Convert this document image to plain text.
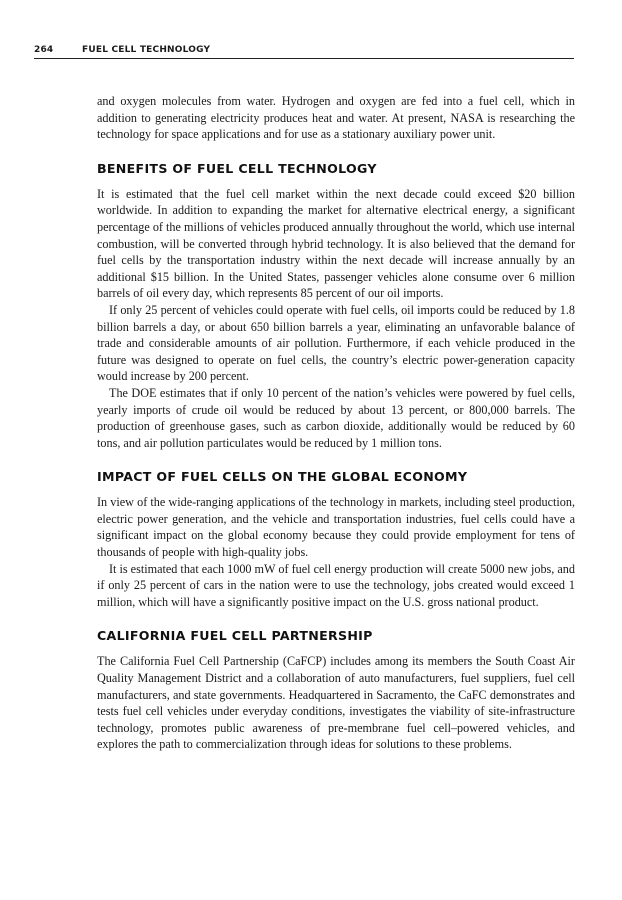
264	FUEL CELL TECHNOLOGY

and oxygen molecules from water. Hydrogen and oxygen are fed into a fuel cell, which in addition to generating electricity produces heat and water. At present, NASA is researching the technology for space applications and for use as a stationary auxiliary power unit.

BENEFITS OF FUEL CELL TECHNOLOGY

It is estimated that the fuel cell market within the next decade could exceed $20 billion worldwide. In addition to expanding the market for alternative electrical energy, a significant percentage of the millions of vehicles produced annually throughout the world, which use internal combustion, will be converted through hybrid technology. It is also believed that the demand for fuel cells by the transportation industry within the next decade will increase annually by an additional $15 billion. In the United States, passenger vehicles alone consume over 6 million barrels of oil every day, which represents 85 percent of our oil imports.

If only 25 percent of vehicles could operate with fuel cells, oil imports could be reduced by 1.8 billion barrels a day, or about 650 billion barrels a year, eliminating an unfavorable balance of trade and considerable amounts of air pollution. Furthermore, if each vehicle produced in the future was designed to operate on fuel cells, the country’s electric power-generation capacity would increase by 200 percent.

The DOE estimates that if only 10 percent of the nation’s vehicles were powered by fuel cells, yearly imports of crude oil would be reduced by about 13 percent, or 800,000 barrels. The production of greenhouse gases, such as carbon dioxide, additionally would be reduced by 60 tons, and air pollution particulates would be reduced by 1 million tons.

IMPACT OF FUEL CELLS ON THE GLOBAL ECONOMY

In view of the wide-ranging applications of the technology in markets, including steel production, electric power generation, and the vehicle and transportation industries, fuel cells could have a significant impact on the global economy because they could provide employment for tens of thousands of people with high-quality jobs.

It is estimated that each 1000 mW of fuel cell energy production will create 5000 new jobs, and if only 25 percent of cars in the nation were to use the technology, jobs created would exceed 1 million, which will have a significantly positive impact on the U.S. gross national product.

CALIFORNIA FUEL CELL PARTNERSHIP

The California Fuel Cell Partnership (CaFCP) includes among its members the South Coast Air Quality Management District and a collaboration of auto manufacturers, fuel suppliers, fuel cell manufacturers, and state governments. Headquartered in Sacramento, the CaFC demonstrates and tests fuel cell vehicles under everyday conditions, investigates the viability of site-infrastructure technology, promotes public awareness of pre-membrane fuel cell–powered vehicles, and explores the path to commercialization through ideas for solutions to these problems.
